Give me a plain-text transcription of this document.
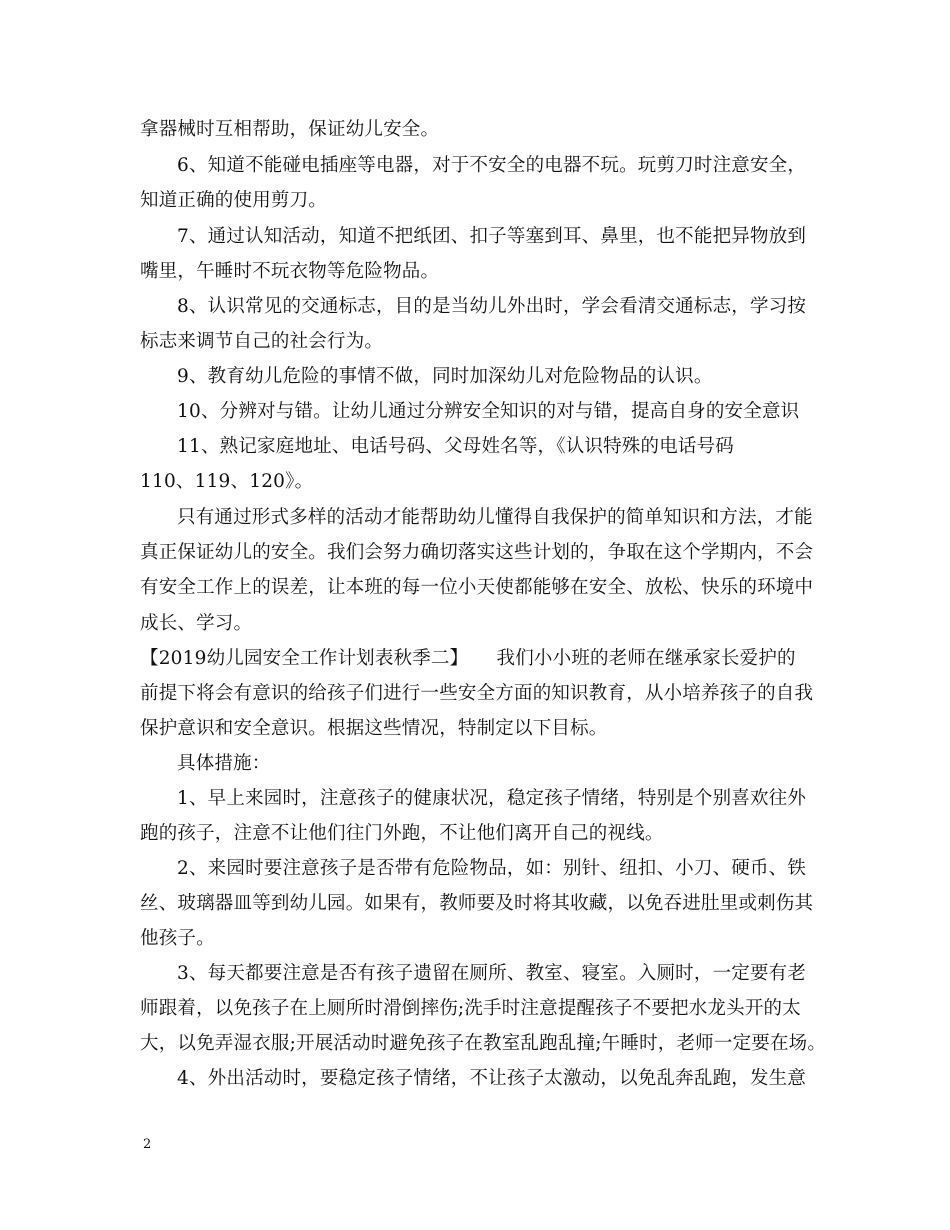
拿器械时互相帮助，保证幼儿安全。
6、知道不能碰电插座等电器，对于不安全的电器不玩。玩剪刀时注意安全，
知道正确的使用剪刀。
7、通过认知活动，知道不把纸团、扣子等塞到耳、鼻里，也不能把异物放到
嘴里，午睡时不玩衣物等危险物品。
8、认识常见的交通标志，目的是当幼儿外出时，学会看清交通标志，学习按
标志来调节自己的社会行为。
9、教育幼儿危险的事情不做，同时加深幼儿对危险物品的认识。
10、分辨对与错。让幼儿通过分辨安全知识的对与错，提高自身的安全意识
11、熟记家庭地址、电话号码、父母姓名等，《认识特殊的电话号码
110、119、120》。
只有通过形式多样的活动才能帮助幼儿懂得自我保护的简单知识和方法，才能
真正保证幼儿的安全。我们会努力确切落实这些计划的，争取在这个学期内，不会
有安全工作上的误差，让本班的每一位小天使都能够在安全、放松、快乐的环境中
成长、学习。
【2019幼儿园安全工作计划表秋季二】　　我们小小班的老师在继承家长爱护的
前提下将会有意识的给孩子们进行一些安全方面的知识教育，从小培养孩子的自我
保护意识和安全意识。根据这些情况，特制定以下目标。
具体措施：
1、早上来园时，注意孩子的健康状况，稳定孩子情绪，特别是个别喜欢往外
跑的孩子，注意不让他们往门外跑，不让他们离开自己的视线。
2、来园时要注意孩子是否带有危险物品，如：别针、纽扣、小刀、硬币、铁
丝、玻璃器皿等到幼儿园。如果有，教师要及时将其收藏，以免吞进肚里或刺伤其
他孩子。
3、每天都要注意是否有孩子遗留在厕所、教室、寝室。入厕时，一定要有老
师跟着，以免孩子在上厕所时滑倒摔伤;洗手时注意提醒孩子不要把水龙头开的太
大，以免弄湿衣服;开展活动时避免孩子在教室乱跑乱撞;午睡时，老师一定要在场。
4、外出活动时，要稳定孩子情绪，不让孩子太激动，以免乱奔乱跑，发生意
2
